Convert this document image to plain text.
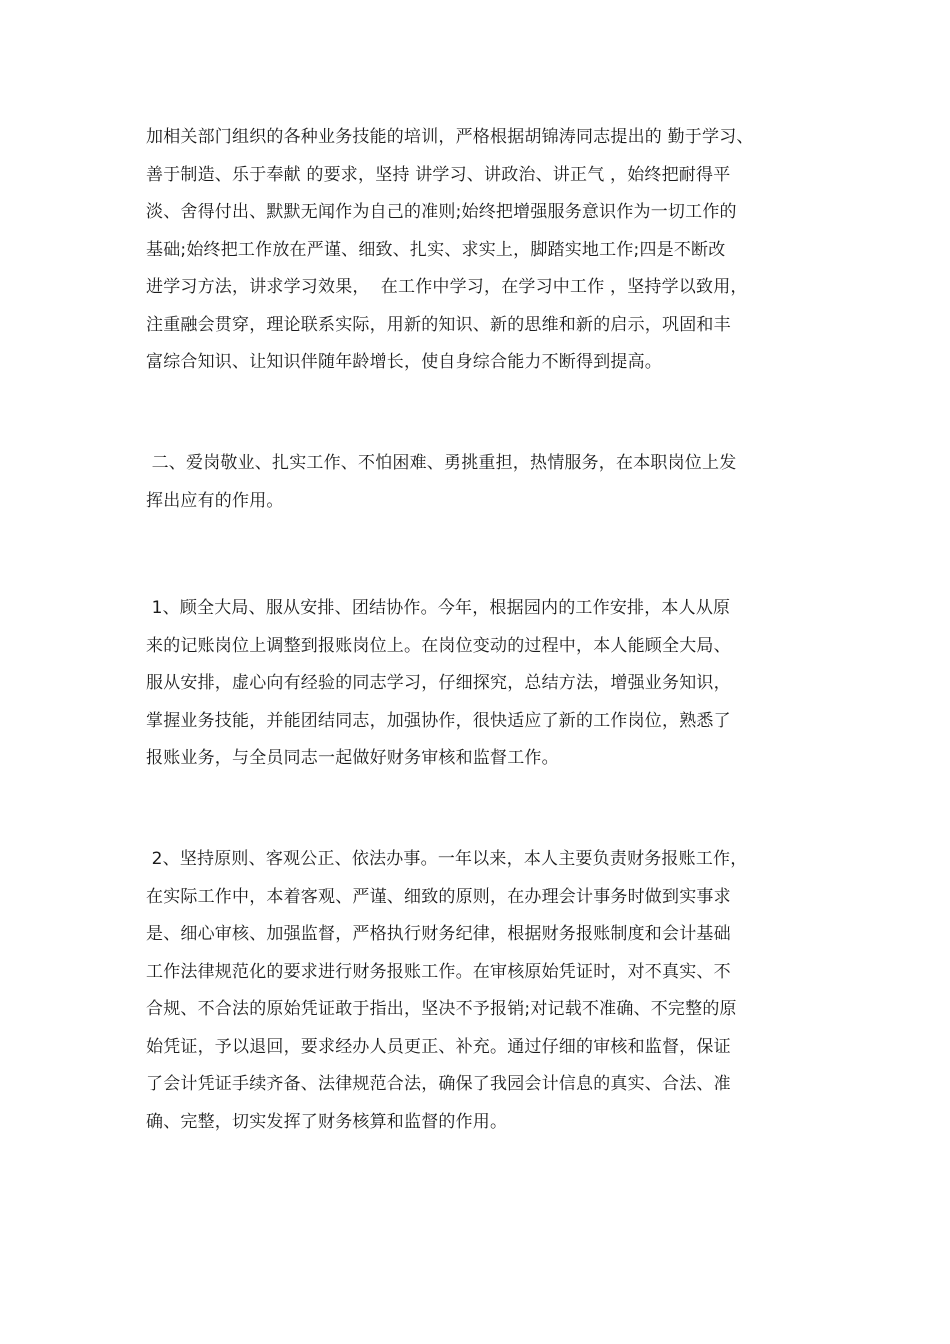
加相关部门组织的各种业务技能的培训，严格根据胡锦涛同志提出的 勤于学习、
善于制造、乐于奉献 的要求，坚持 讲学习、讲政治、讲正气 ，始终把耐得平
淡、舍得付出、默默无闻作为自己的准则;始终把增强服务意识作为一切工作的
基础;始终把工作放在严谨、细致、扎实、求实上，脚踏实地工作;四是不断改
进学习方法，讲求学习效果，  在工作中学习，在学习中工作 ，坚持学以致用，
注重融会贯穿，理论联系实际，用新的知识、新的思维和新的启示，巩固和丰
富综合知识、让知识伴随年龄增长，使自身综合能力不断得到提高。
二、爱岗敬业、扎实工作、不怕困难、勇挑重担，热情服务，在本职岗位上发
挥出应有的作用。
1、顾全大局、服从安排、团结协作。今年，根据园内的工作安排，本人从原
来的记账岗位上调整到报账岗位上。在岗位变动的过程中，本人能顾全大局、
服从安排，虚心向有经验的同志学习，仔细探究，总结方法，增强业务知识，
掌握业务技能，并能团结同志，加强协作，很快适应了新的工作岗位，熟悉了
报账业务，与全员同志一起做好财务审核和监督工作。
2、坚持原则、客观公正、依法办事。一年以来，本人主要负责财务报账工作，
在实际工作中，本着客观、严谨、细致的原则，在办理会计事务时做到实事求
是、细心审核、加强监督，严格执行财务纪律，根据财务报账制度和会计基础
工作法律规范化的要求进行财务报账工作。在审核原始凭证时，对不真实、不
合规、不合法的原始凭证敢于指出，坚决不予报销;对记载不准确、不完整的原
始凭证，予以退回，要求经办人员更正、补充。通过仔细的审核和监督，保证
了会计凭证手续齐备、法律规范合法，确保了我园会计信息的真实、合法、准
确、完整，切实发挥了财务核算和监督的作用。
